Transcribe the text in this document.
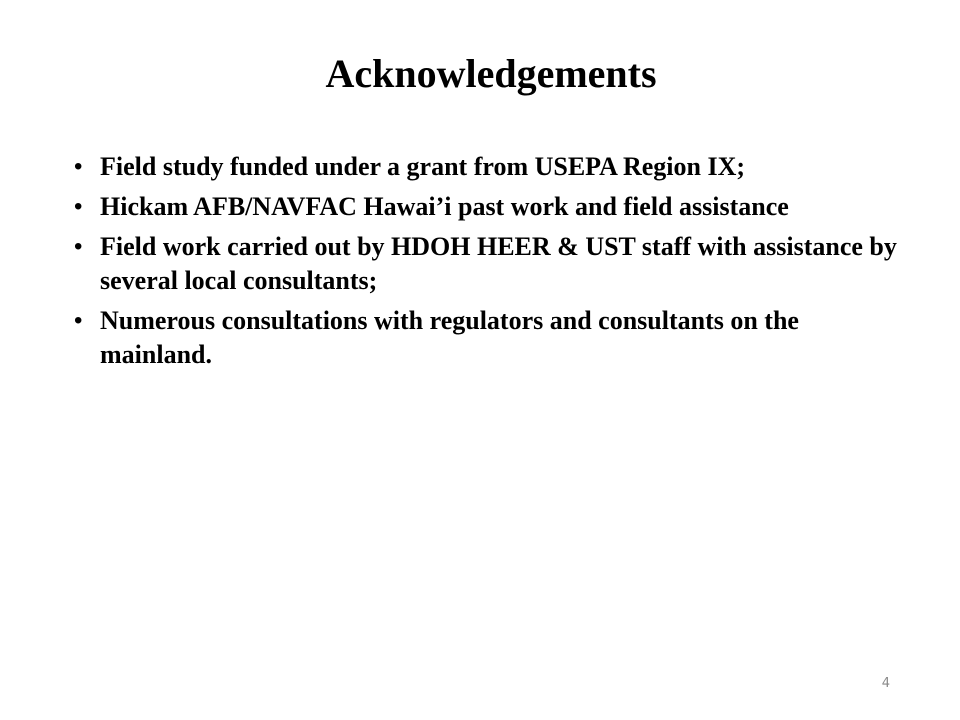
Acknowledgements
• Field study funded under a grant from USEPA Region IX;
• Hickam AFB/NAVFAC Hawai’i past work and field assistance
• Field work carried out by HDOH HEER & UST staff with assistance by several local consultants;
• Numerous consultations with regulators and consultants on the mainland.
4
